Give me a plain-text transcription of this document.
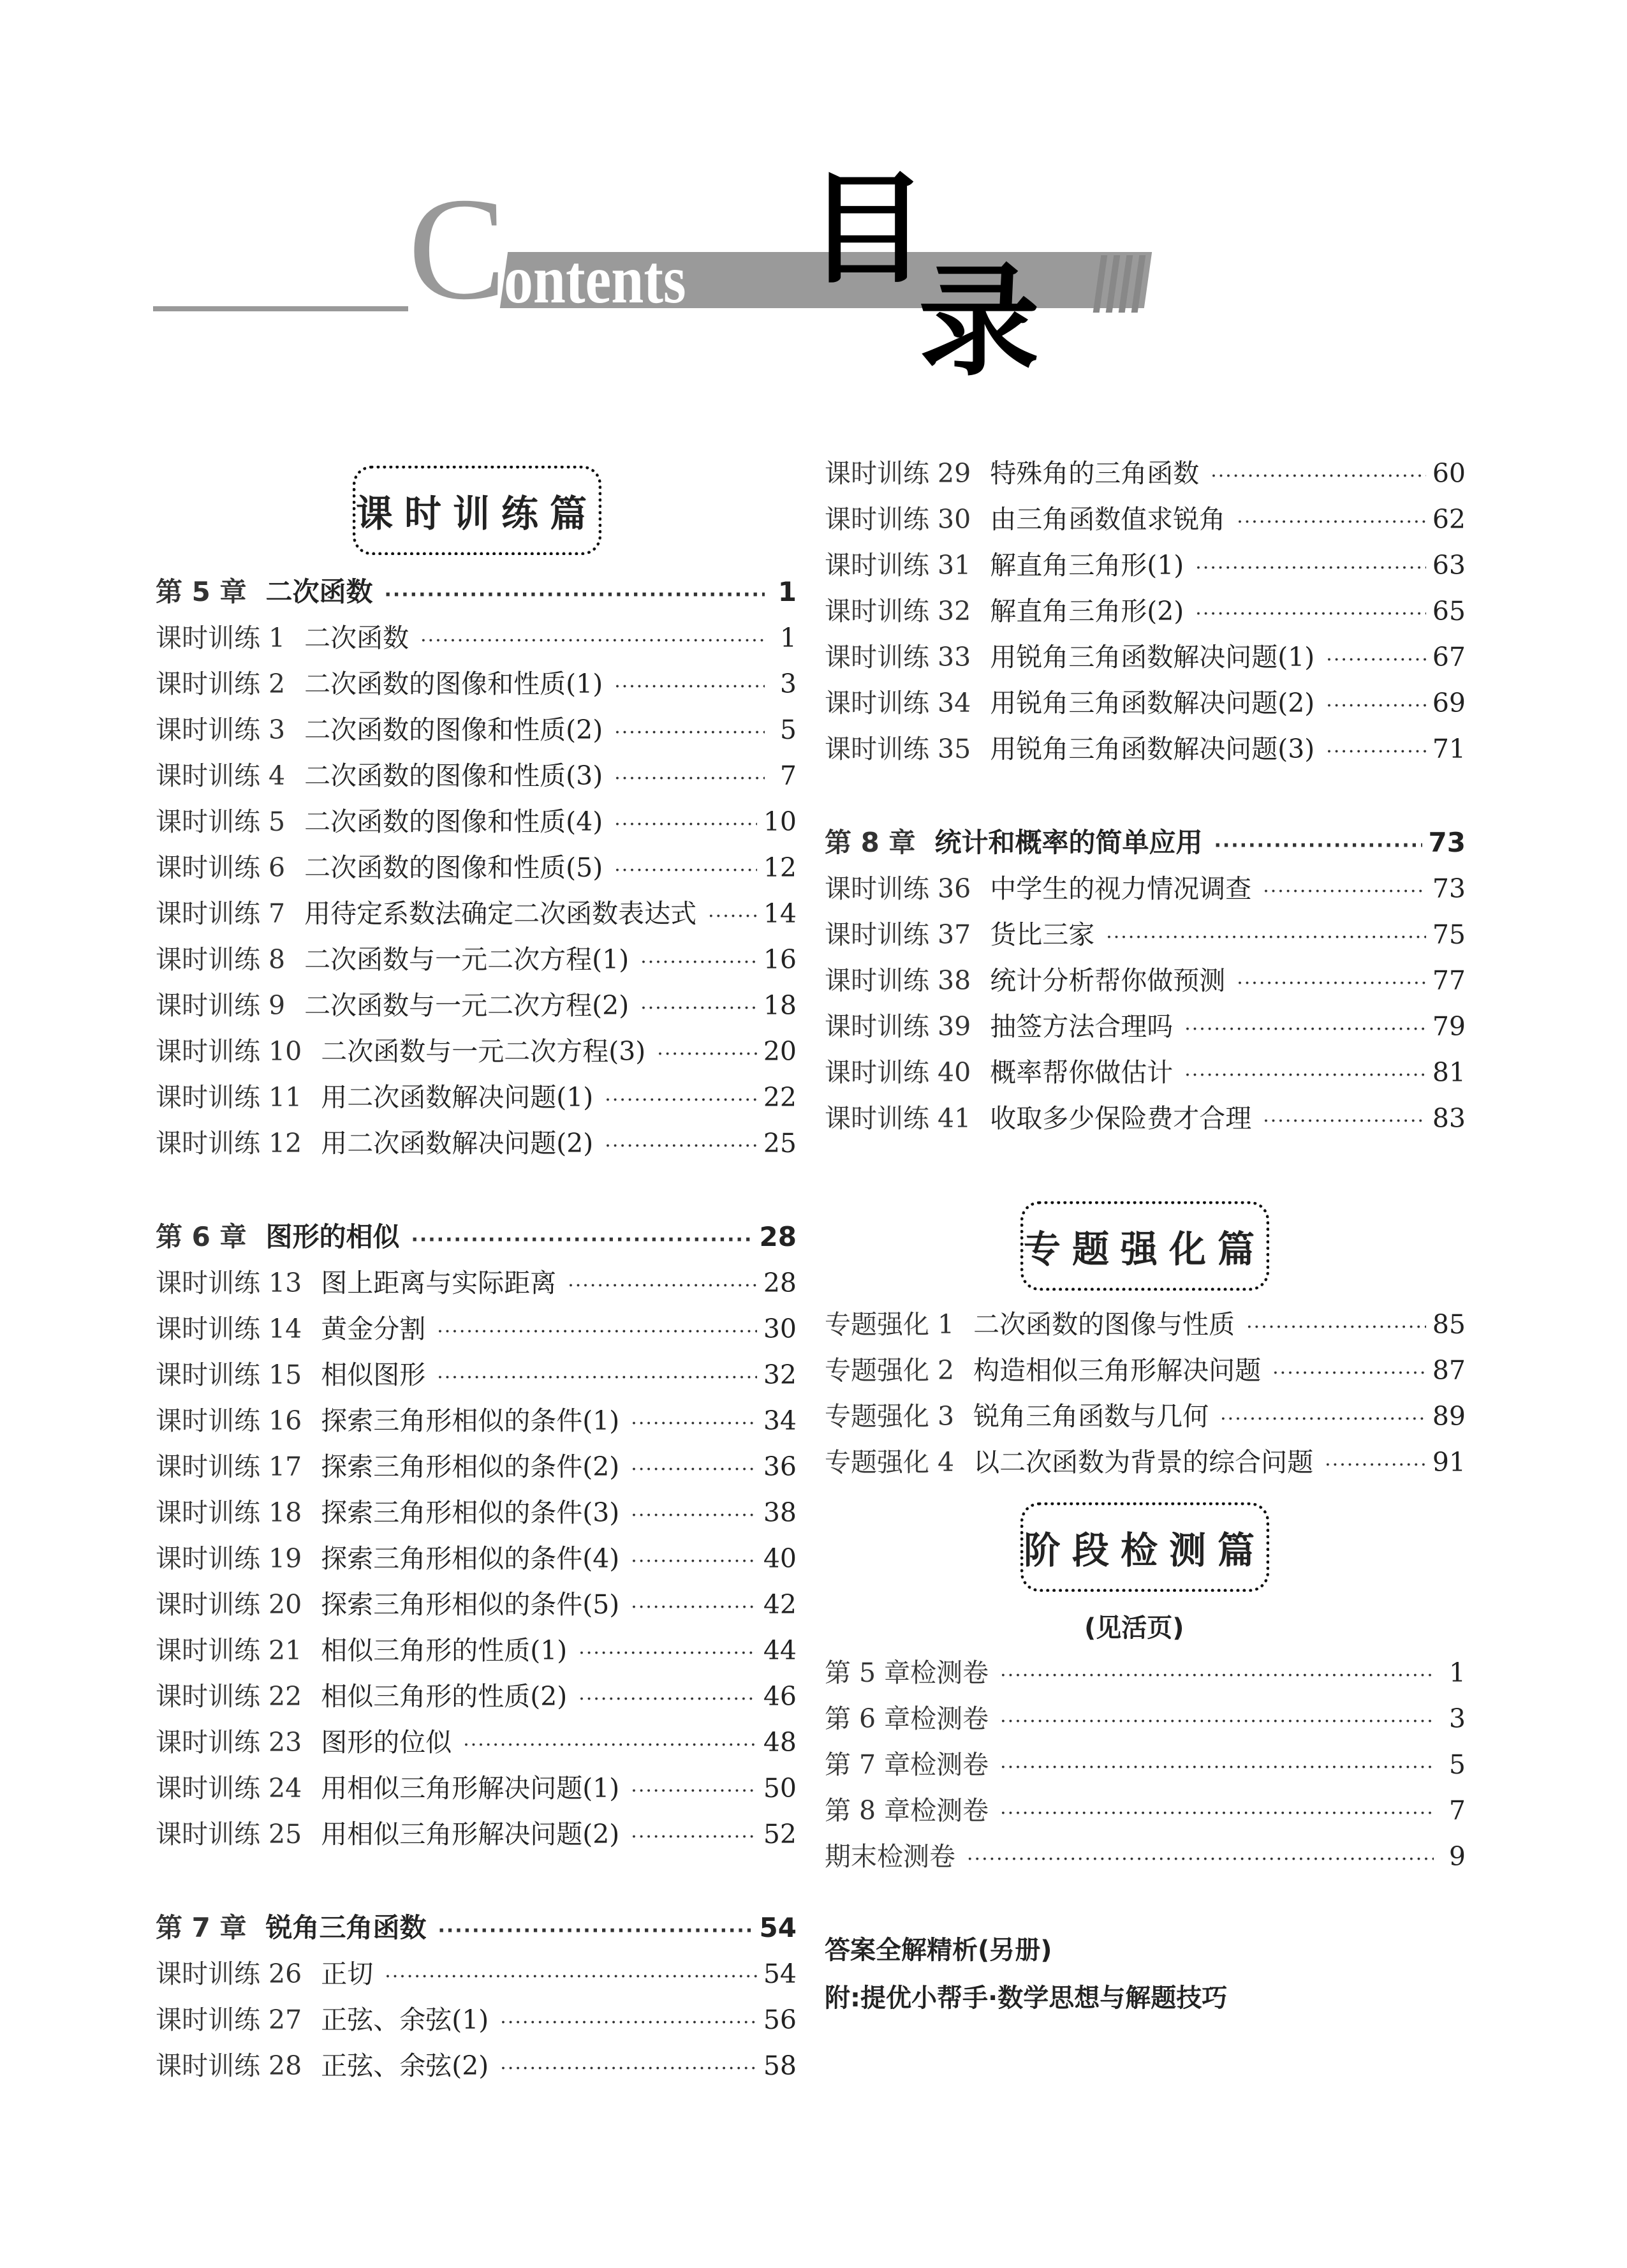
C
ontents 目
录
课时训练篇
第 5 章 二次函数 ·····	1
课时训练 1 二次函数 ·····	1
课时训练 2 二次函数的图像和性质(1) ·····	3
课时训练 3 二次函数的图像和性质(2) ·····	5
课时训练 4 二次函数的图像和性质(3) ·····	7
课时训练 5 二次函数的图像和性质(4) ·····	10
课时训练 6 二次函数的图像和性质(5) ·····	12
课时训练 7 用待定系数法确定二次函数表达式 ·····	14
课时训练 8 二次函数与一元二次方程(1) ·····	16
课时训练 9 二次函数与一元二次方程(2) ·····	18
课时训练 10 二次函数与一元二次方程(3) ·····	20
课时训练 11 用二次函数解决问题(1) ·····	22
课时训练 12 用二次函数解决问题(2) ·····	25
第 6 章 图形的相似 ·····	28
课时训练 13 图上距离与实际距离 ·····	28
课时训练 14 黄金分割 ·····	30
课时训练 15 相似图形 ·····	32
课时训练 16 探索三角形相似的条件(1) ·····	34
课时训练 17 探索三角形相似的条件(2) ·····	36
课时训练 18 探索三角形相似的条件(3) ·····	38
课时训练 19 探索三角形相似的条件(4) ·····	40
课时训练 20 探索三角形相似的条件(5) ·····	42
课时训练 21 相似三角形的性质(1) ·····	44
课时训练 22 相似三角形的性质(2) ·····	46
课时训练 23 图形的位似 ·····	48
课时训练 24 用相似三角形解决问题(1) ·····	50
课时训练 25 用相似三角形解决问题(2) ·····	52
第 7 章 锐角三角函数 ·····	54
课时训练 26 正切 ·····	54
课时训练 27 正弦、余弦(1) ·····	56
课时训练 28 正弦、余弦(2) ·····	58
课时训练 29 特殊角的三角函数 ·····	60
课时训练 30 由三角函数值求锐角 ·····	62
课时训练 31 解直角三角形(1) ·····	63
课时训练 32 解直角三角形(2) ·····	65
课时训练 33 用锐角三角函数解决问题(1) ·····	67
课时训练 34 用锐角三角函数解决问题(2) ·····	69
课时训练 35 用锐角三角函数解决问题(3) ·····	71
第 8 章 统计和概率的简单应用 ·····	73
课时训练 36 中学生的视力情况调查 ·····	73
课时训练 37 货比三家 ·····	75
课时训练 38 统计分析帮你做预测 ·····	77
课时训练 39 抽签方法合理吗 ·····	79
课时训练 40 概率帮你做估计 ·····	81
课时训练 41 收取多少保险费才合理 ·····	83
专题强化篇
专题强化 1 二次函数的图像与性质 ·····	85
专题强化 2 构造相似三角形解决问题 ·····	87
专题强化 3 锐角三角函数与几何 ·····	89
专题强化 4 以二次函数为背景的综合问题 ·····	91
阶段检测篇
(见活页)
第 5 章检测卷 ·····	1
第 6 章检测卷 ·····	3
第 7 章检测卷 ·····	5
第 8 章检测卷 ·····	7
期末检测卷 ·····	9
答案全解精析(另册)
附:提优小帮手·数学思想与解题技巧
